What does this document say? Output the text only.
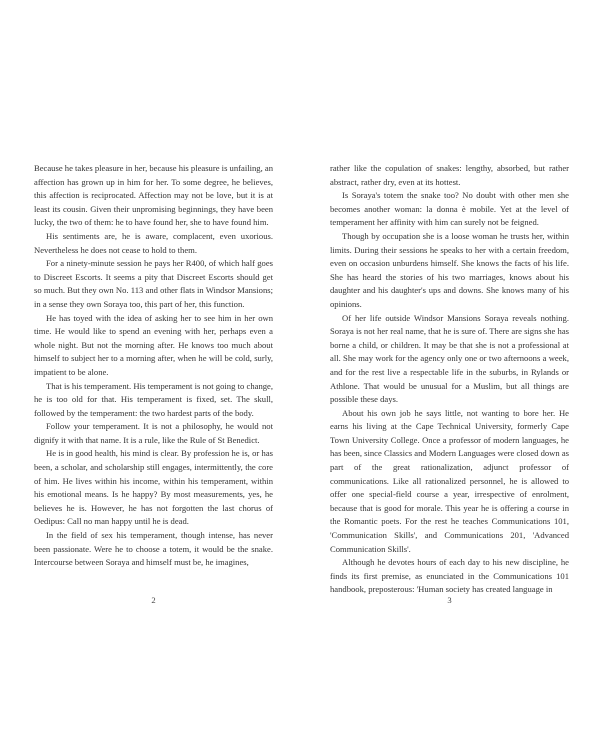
Because he takes pleasure in her, because his pleasure is unfailing, an affection has grown up in him for her. To some degree, he believes, this affection is reciprocated. Affection may not be love, but it is at least its cousin. Given their unpromising beginnings, they have been lucky, the two of them: he to have found her, she to have found him.

His sentiments are, he is aware, complacent, even uxorious. Nevertheless he does not cease to hold to them.

For a ninety-minute session he pays her R400, of which half goes to Discreet Escorts. It seems a pity that Discreet Escorts should get so much. But they own No. 113 and other flats in Windsor Mansions; in a sense they own Soraya too, this part of her, this function.

He has toyed with the idea of asking her to see him in her own time. He would like to spend an evening with her, perhaps even a whole night. But not the morning after. He knows too much about himself to subject her to a morning after, when he will be cold, surly, impatient to be alone.

That is his temperament. His temperament is not going to change, he is too old for that. His temperament is fixed, set. The skull, followed by the temperament: the two hardest parts of the body.

Follow your temperament. It is not a philosophy, he would not dignify it with that name. It is a rule, like the Rule of St Benedict.

He is in good health, his mind is clear. By profession he is, or has been, a scholar, and scholarship still engages, intermittently, the core of him. He lives within his income, within his temperament, within his emotional means. Is he happy? By most measurements, yes, he believes he is. However, he has not forgotten the last chorus of Oedipus: Call no man happy until he is dead.

In the field of sex his temperament, though intense, has never been passionate. Were he to choose a totem, it would be the snake. Intercourse between Soraya and himself must be, he imagines,

2

rather like the copulation of snakes: lengthy, absorbed, but rather abstract, rather dry, even at its hottest.

Is Soraya's totem the snake too? No doubt with other men she becomes another woman: la donna è mobile. Yet at the level of temperament her affinity with him can surely not be feigned.

Though by occupation she is a loose woman he trusts her, within limits. During their sessions he speaks to her with a certain freedom, even on occasion unburdens himself. She knows the facts of his life. She has heard the stories of his two marriages, knows about his daughter and his daughter's ups and downs. She knows many of his opinions.

Of her life outside Windsor Mansions Soraya reveals nothing. Soraya is not her real name, that he is sure of. There are signs she has borne a child, or children. It may be that she is not a professional at all. She may work for the agency only one or two afternoons a week, and for the rest live a respectable life in the suburbs, in Rylands or Athlone. That would be unusual for a Muslim, but all things are possible these days.

About his own job he says little, not wanting to bore her. He earns his living at the Cape Technical University, formerly Cape Town University College. Once a professor of modern languages, he has been, since Classics and Modern Languages were closed down as part of the great rationalization, adjunct professor of communications. Like all rationalized personnel, he is allowed to offer one special-field course a year, irrespective of enrolment, because that is good for morale. This year he is offering a course in the Romantic poets. For the rest he teaches Communications 101, 'Communication Skills', and Communications 201, 'Advanced Communication Skills'.

Although he devotes hours of each day to his new discipline, he finds its first premise, as enunciated in the Communications 101 handbook, preposterous: 'Human society has created language in

3
